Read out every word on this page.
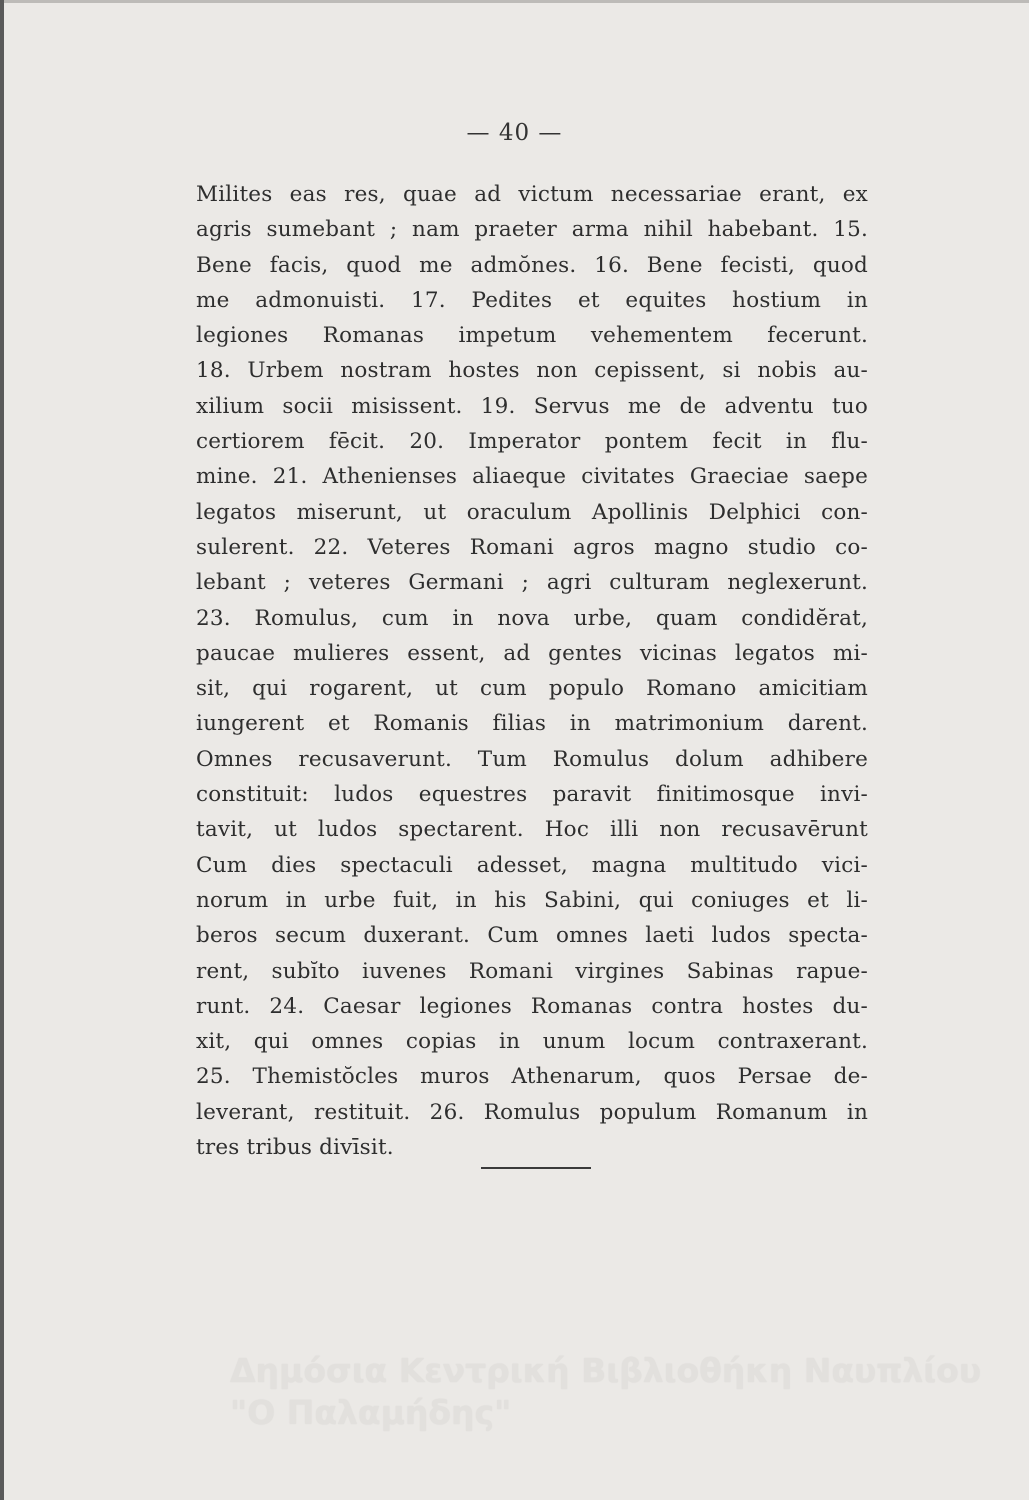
— 40 —
Milites eas res, quae ad victum necessariae erant, ex
agris sumebant ; nam praeter arma nihil habebant. 15.
Bene facis, quod me admŏnes. 16. Bene fecisti, quod
me admonuisti. 17. Pedites et equites hostium in
legiones Romanas impetum vehementem fecerunt.
18. Urbem nostram hostes non cepissent, si nobis au-
xilium socii misissent. 19. Servus me de adventu tuo
certiorem fēcit. 20. Imperator pontem fecit in flu-
mine. 21. Athenienses aliaeque civitates Graeciae saepe
legatos miserunt, ut oraculum Apollinis Delphici con-
sulerent. 22. Veteres Romani agros magno studio co-
lebant ; veteres Germani ; agri culturam neglexerunt.
23. Romulus, cum in nova urbe, quam condidĕrat,
paucae mulieres essent, ad gentes vicinas legatos mi-
sit, qui rogarent, ut cum populo Romano amicitiam
iungerent et Romanis filias in matrimonium darent.
Omnes recusaverunt. Tum Romulus dolum adhibere
constituit: ludos equestres paravit finitimosque invi-
tavit, ut ludos spectarent. Hoc illi non recusavērunt
Cum dies spectaculi adesset, magna multitudo vici-
norum in urbe fuit, in his Sabini, qui coniuges et li-
beros secum duxerant. Cum omnes laeti ludos specta-
rent, subĭto iuvenes Romani virgines Sabinas rapue-
runt. 24. Caesar legiones Romanas contra hostes du-
xit, qui omnes copias in unum locum contraxerant.
25. Themistŏcles muros Athenarum, quos Persae de-
leverant, restituit. 26. Romulus populum Romanum in
tres tribus divīsit.
Δημόσια Κεντρική Βιβλιοθήκη Ναυπλίου
"Ο Παλαμήδης"
